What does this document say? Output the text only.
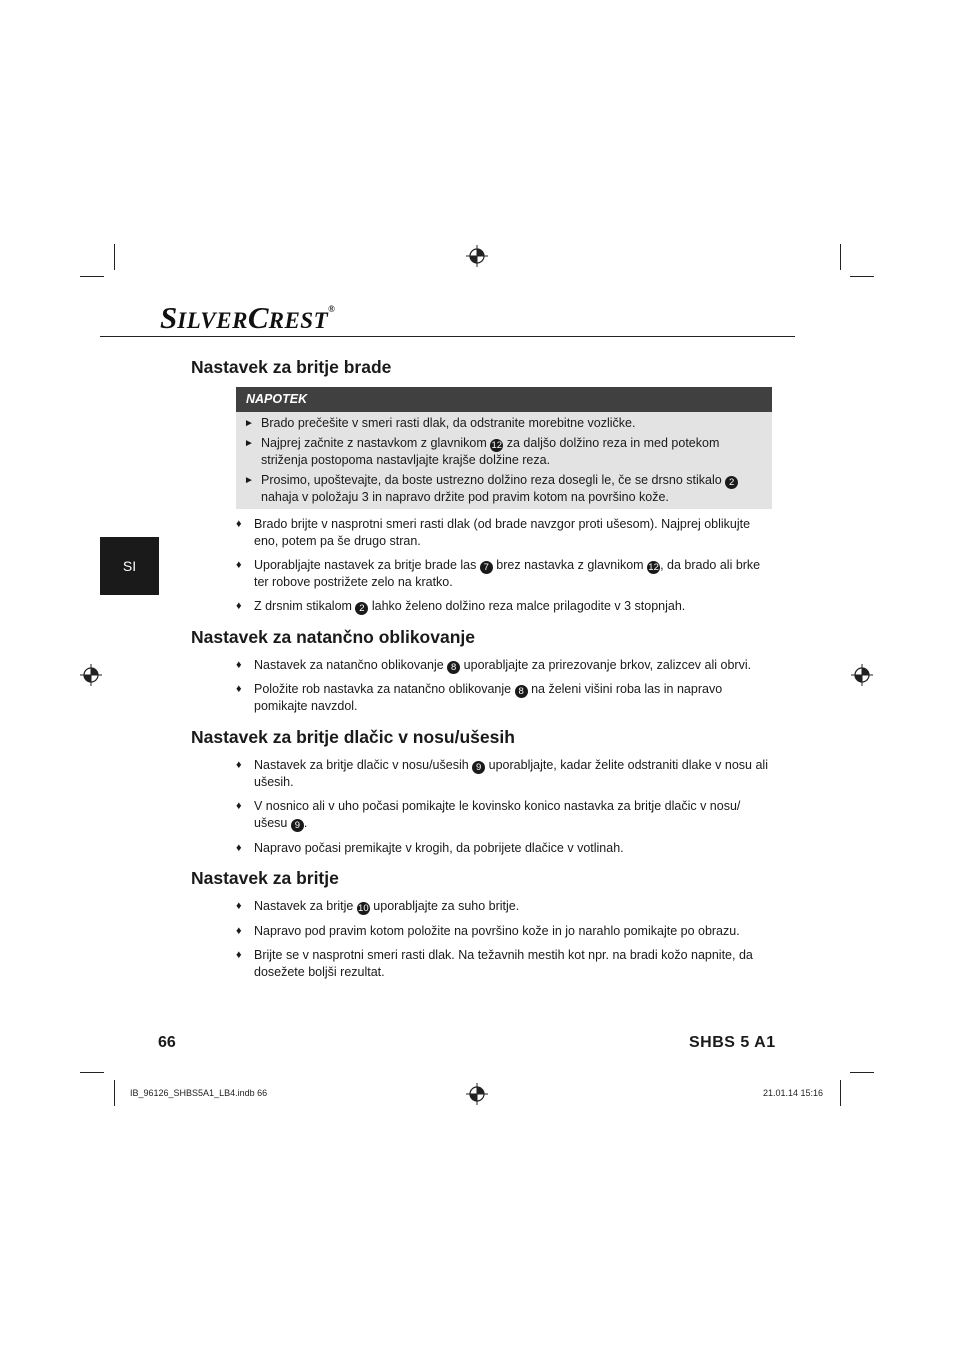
SILVERCREST®
SI
Nastavek za britje brade
NAPOTEK
► Brado prečešite v smeri rasti dlak, da odstranite morebitne vozličke.
► Najprej začnite z nastavkom z glavnikom 12 za daljšo dolžino reza in med potekom striženja postopoma nastavljajte krajše dolžine reza.
► Prosimo, upoštevajte, da boste ustrezno dolžino reza dosegli le, če se drsno stikalo 2 nahaja v položaju 3 in napravo držite pod pravim kotom na površino kože.
♦ Brado brijte v nasprotni smeri rasti dlak (od brade navzgor proti ušesom). Najprej oblikujte eno, potem pa še drugo stran.
♦ Uporabljajte nastavek za britje brade las 7 brez nastavka z glavnikom 12, da brado ali brke ter robove postrižete zelo na kratko.
♦ Z drsnim stikalom 2 lahko želeno dolžino reza malce prilagodite v 3 stopnjah.
Nastavek za natančno oblikovanje
♦ Nastavek za natančno oblikovanje 8 uporabljajte za prirezovanje brkov, zalizcev ali obrvi.
♦ Položite rob nastavka za natančno oblikovanje 8 na želeni višini roba las in napravo pomikajte navzdol.
Nastavek za britje dlačic v nosu/ušesih
♦ Nastavek za britje dlačic v nosu/ušesih 9 uporabljajte, kadar želite odstraniti dlake v nosu ali ušesih.
♦ V nosnico ali v uho počasi pomikajte le kovinsko konico nastavka za britje dlačic v nosu/ ušesu 9 .
♦ Napravo počasi premikajte v krogih, da pobrijete dlačice v votlinah.
Nastavek za britje
♦ Nastavek za britje 10 uporabljajte za suho britje.
♦ Napravo pod pravim kotom položite na površino kože in jo narahlo pomikajte po obrazu.
♦ Brijte se v nasprotni smeri rasti dlak. Na težavnih mestih kot npr. na bradi kožo napnite, da dosežete boljši rezultat.
66	SHBS 5 A1
IB_96126_SHBS5A1_LB4.indb 66	21.01.14 15:16
